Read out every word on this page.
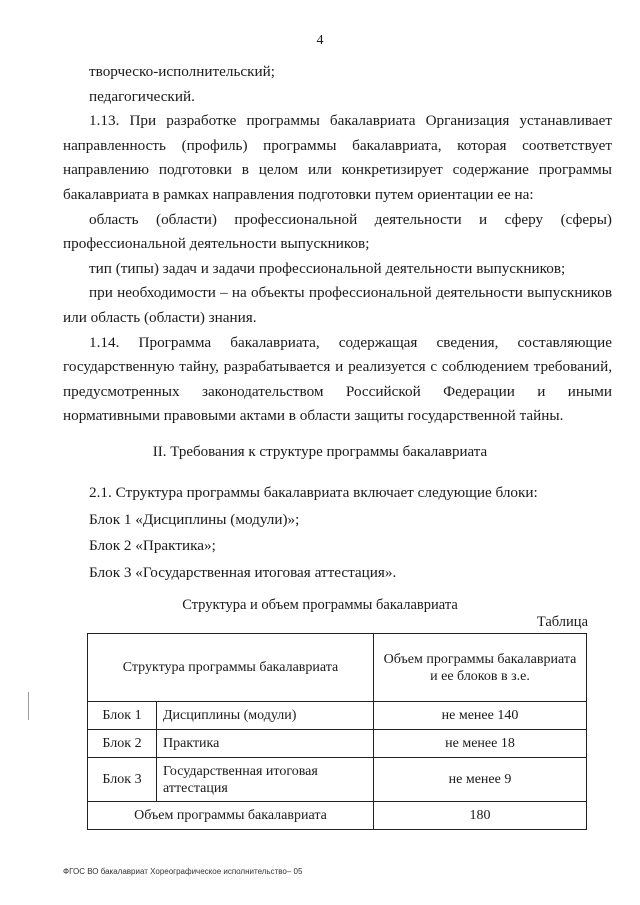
4

творческо-исполнительский;

педагогический.

1.13. При разработке программы бакалавриата Организация устанавливает направленность (профиль) программы бакалавриата, которая соответствует направлению подготовки в целом или конкретизирует содержание программы бакалавриата в рамках направления подготовки путем ориентации ее на:

область (области) профессиональной деятельности и сферу (сферы) профессиональной деятельности выпускников;

тип (типы) задач и задачи профессиональной деятельности выпускников;

при необходимости – на объекты профессиональной деятельности выпускников или область (области) знания.

1.14. Программа бакалавриата, содержащая сведения, составляющие государственную тайну, разрабатывается и реализуется с соблюдением требований, предусмотренных законодательством Российской Федерации и иными нормативными правовыми актами в области защиты государственной тайны.

II. Требования к структуре программы бакалавриата

2.1. Структура программы бакалавриата включает следующие блоки:

Блок 1 «Дисциплины (модули)»;

Блок 2 «Практика»;

Блок 3 «Государственная итоговая аттестация».

Структура и объем программы бакалавриата
Таблица
Структура программы бакалавриата		Объем программы бакалавриата и ее блоков в з.е.
Блок 1	Дисциплины (модули)	не менее 140
Блок 2	Практика	не менее 18
Блок 3	Государственная итоговая аттестация	не менее 9
Объем программы бакалавриата		180
ФГОС ВО бакалавриат Хореографическое исполнительство– 05
